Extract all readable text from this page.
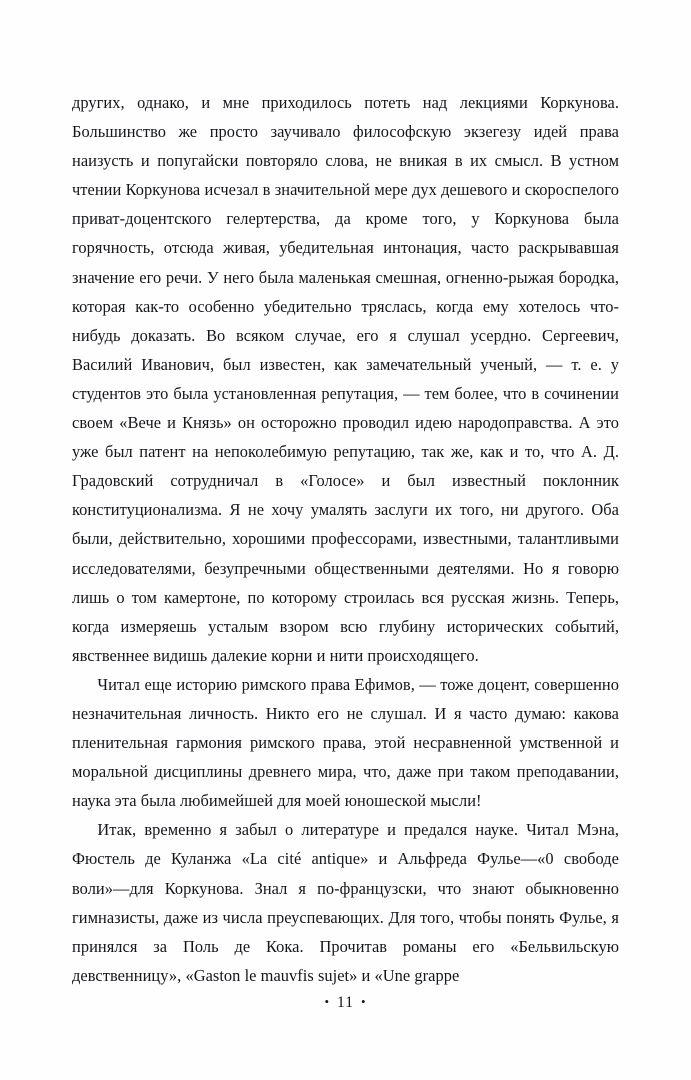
других, однако, и мне приходилось потеть над лекциями Коркунова. Большинство же просто заучивало философскую экзегезу идей права наизусть и попугайски повторяло слова, не вникая в их смысл. В устном чтении Коркунова исчезал в значительной мере дух дешевого и скороспелого приват-доцентского гелертерства, да кроме того, у Коркунова была горячность, отсюда живая, убедительная интонация, часто раскрывавшая значение его речи. У него была маленькая смешная, огненно-рыжая бородка, которая как-то особенно убедительно тряслась, когда ему хотелось что-нибудь доказать. Во всяком случае, его я слушал усердно. Сергеевич, Василий Иванович, был известен, как замечательный ученый, — т. е. у студентов это была установленная репутация, — тем более, что в сочинении своем «Вече и Князь» он осторожно проводил идею народоправства. А это уже был патент на непоколебимую репутацию, так же, как и то, что А. Д. Градовский сотрудничал в «Голосе» и был известный поклонник конституционализма. Я не хочу умалять заслуги их того, ни другого. Оба были, действительно, хорошими профессорами, известными, талантливыми исследователями, безупречными общественными деятелями. Но я говорю лишь о том камертоне, по которому строилась вся русская жизнь. Теперь, когда измеряешь усталым взором всю глубину исторических событий, явственнее видишь далекие корни и нити происходящего.

Читал еще историю римского права Ефимов, — тоже доцент, совершенно незначительная личность. Никто его не слушал. И я часто думаю: какова пленительная гармония римского права, этой несравненной умственной и моральной дисциплины древнего мира, что, даже при таком преподавании, наука эта была любимейшей для моей юношеской мысли!

Итак, временно я забыл о литературе и предался науке. Читал Мэна, Фюстель де Куланжа «La cité antique» и Альфреда Фулье—«0 свободе воли»—для Коркунова. Знал я по-французски, что знают обыкновенно гимназисты, даже из числа преуспевающих. Для того, чтобы понять Фулье, я принялся за Поль де Кока. Прочитав романы его «Бельвильскую девственницу», «Gaston le mauvfis sujet» и «Une grappe

• 11 •
